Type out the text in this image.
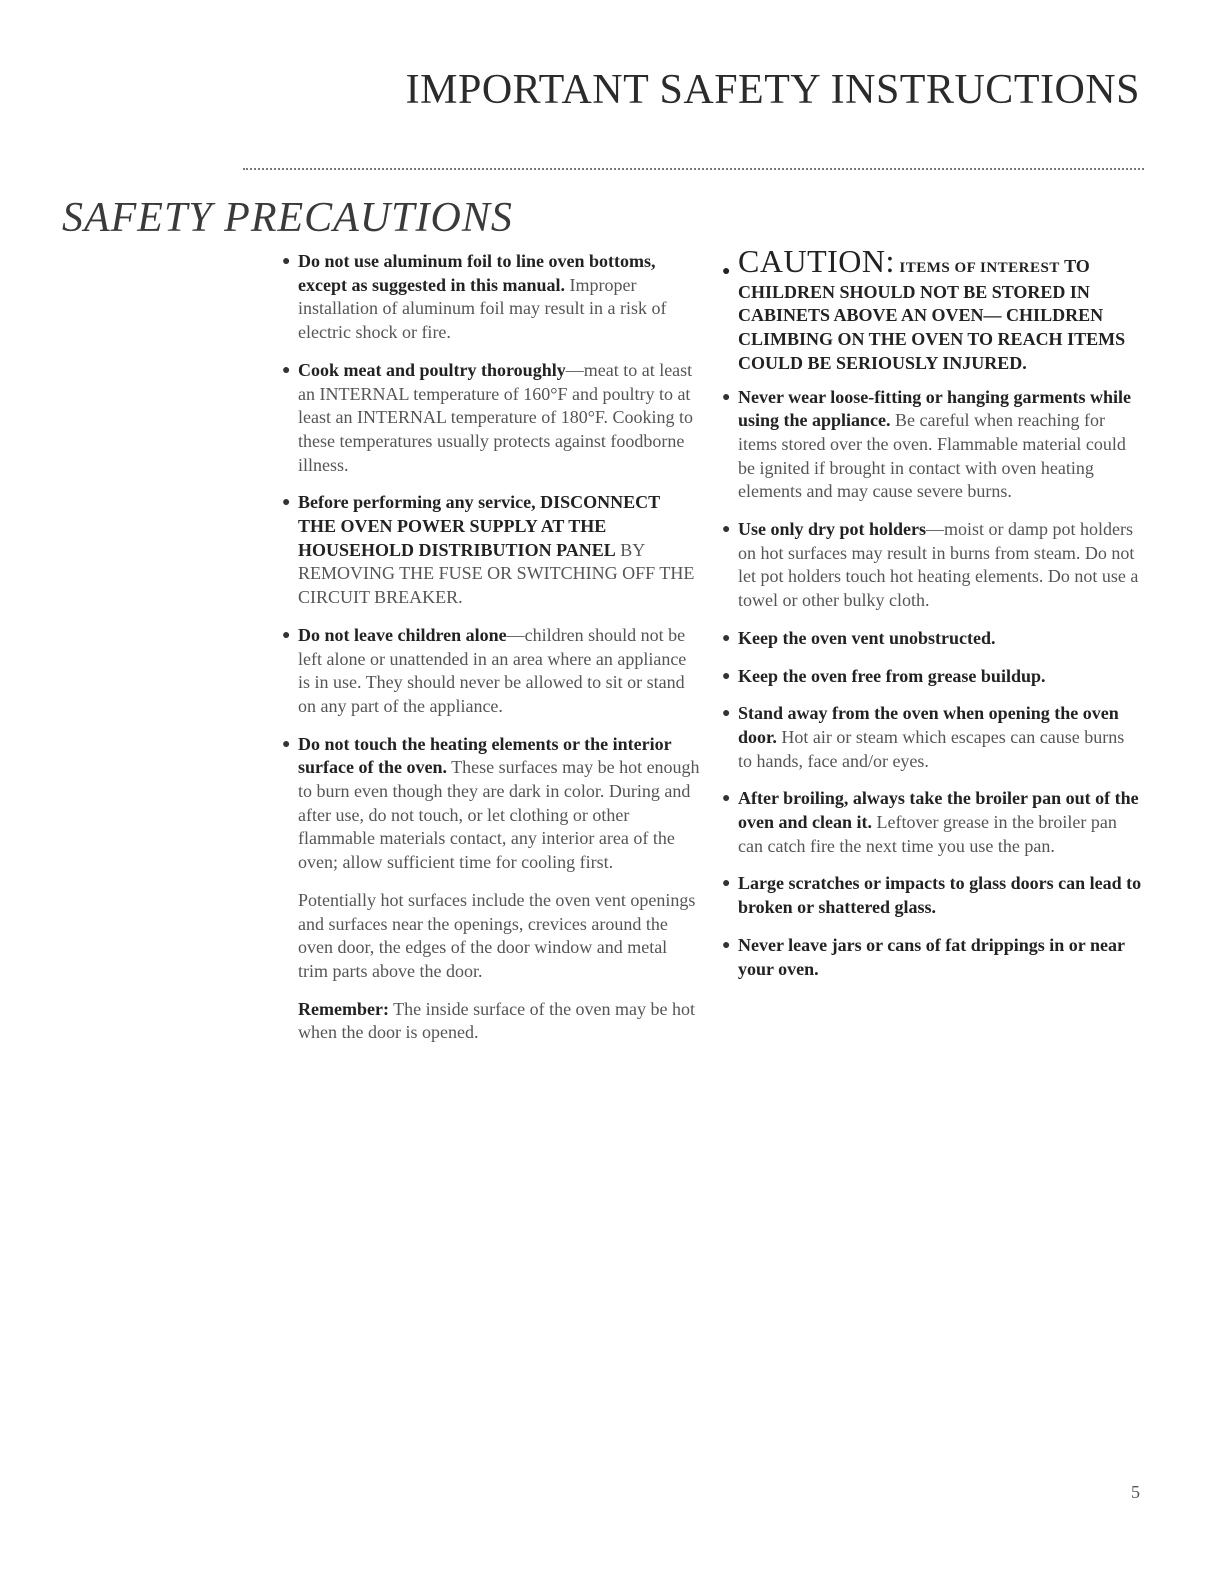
IMPORTANT SAFETY INSTRUCTIONS
SAFETY PRECAUTIONS
● Do not use aluminum foil to line oven bottoms, except as suggested in this manual. Improper installation of aluminum foil may result in a risk of electric shock or fire.
● Cook meat and poultry thoroughly—meat to at least an INTERNAL temperature of 160°F and poultry to at least an INTERNAL temperature of 180°F. Cooking to these temperatures usually protects against foodborne illness.
● Before performing any service, DISCONNECT THE OVEN POWER SUPPLY AT THE HOUSEHOLD DISTRIBUTION PANEL BY REMOVING THE FUSE OR SWITCHING OFF THE CIRCUIT BREAKER.
● Do not leave children alone—children should not be left alone or unattended in an area where an appliance is in use. They should never be allowed to sit or stand on any part of the appliance.
● Do not touch the heating elements or the interior surface of the oven. These surfaces may be hot enough to burn even though they are dark in color. During and after use, do not touch, or let clothing or other flammable materials contact, any interior area of the oven; allow sufficient time for cooling first.
Potentially hot surfaces include the oven vent openings and surfaces near the openings, crevices around the oven door, the edges of the door window and metal trim parts above the door.
Remember: The inside surface of the oven may be hot when the door is opened.
● CAUTION: ITEMS OF INTEREST TO CHILDREN SHOULD NOT BE STORED IN CABINETS ABOVE AN OVEN— CHILDREN CLIMBING ON THE OVEN TO REACH ITEMS COULD BE SERIOUSLY INJURED.
● Never wear loose-fitting or hanging garments while using the appliance. Be careful when reaching for items stored over the oven. Flammable material could be ignited if brought in contact with oven heating elements and may cause severe burns.
● Use only dry pot holders—moist or damp pot holders on hot surfaces may result in burns from steam. Do not let pot holders touch hot heating elements. Do not use a towel or other bulky cloth.
● Keep the oven vent unobstructed.
● Keep the oven free from grease buildup.
● Stand away from the oven when opening the oven door. Hot air or steam which escapes can cause burns to hands, face and/or eyes.
● After broiling, always take the broiler pan out of the oven and clean it. Leftover grease in the broiler pan can catch fire the next time you use the pan.
● Large scratches or impacts to glass doors can lead to broken or shattered glass.
● Never leave jars or cans of fat drippings in or near your oven.
5
